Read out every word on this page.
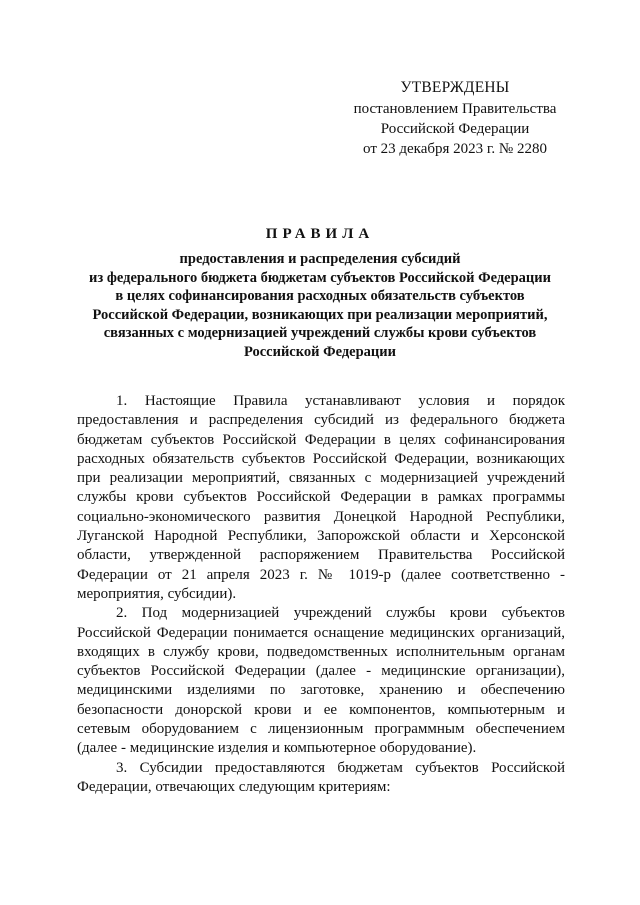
УТВЕРЖДЕНЫ
постановлением Правительства
Российской Федерации
от 23 декабря 2023 г. № 2280
ПРАВИЛА
предоставления и распределения субсидий
из федерального бюджета бюджетам субъектов Российской Федерации
в целях софинансирования расходных обязательств субъектов
Российской Федерации, возникающих при реализации мероприятий,
связанных с модернизацией учреждений службы крови субъектов
Российской Федерации
1. Настоящие Правила устанавливают условия и порядок
предоставления и распределения субсидий из федерального бюджета
бюджетам субъектов Российской Федерации в целях софинансирования
расходных обязательств субъектов Российской Федерации, возникающих
при реализации мероприятий, связанных с модернизацией учреждений
службы крови субъектов Российской Федерации в рамках программы
социально-экономического развития Донецкой Народной Республики,
Луганской Народной Республики, Запорожской области и Херсонской
области, утвержденной распоряжением Правительства Российской
Федерации от 21 апреля 2023 г. № 1019-р (далее соответственно -
мероприятия, субсидии).
2. Под модернизацией учреждений службы крови субъектов
Российской Федерации понимается оснащение медицинских организаций,
входящих в службу крови, подведомственных исполнительным органам
субъектов Российской Федерации (далее - медицинские организации),
медицинскими изделиями по заготовке, хранению и обеспечению
безопасности донорской крови и ее компонентов, компьютерным и
сетевым оборудованием с лицензионным программным обеспечением
(далее - медицинские изделия и компьютерное оборудование).
3. Субсидии предоставляются бюджетам субъектов Российской
Федерации, отвечающих следующим критериям:
